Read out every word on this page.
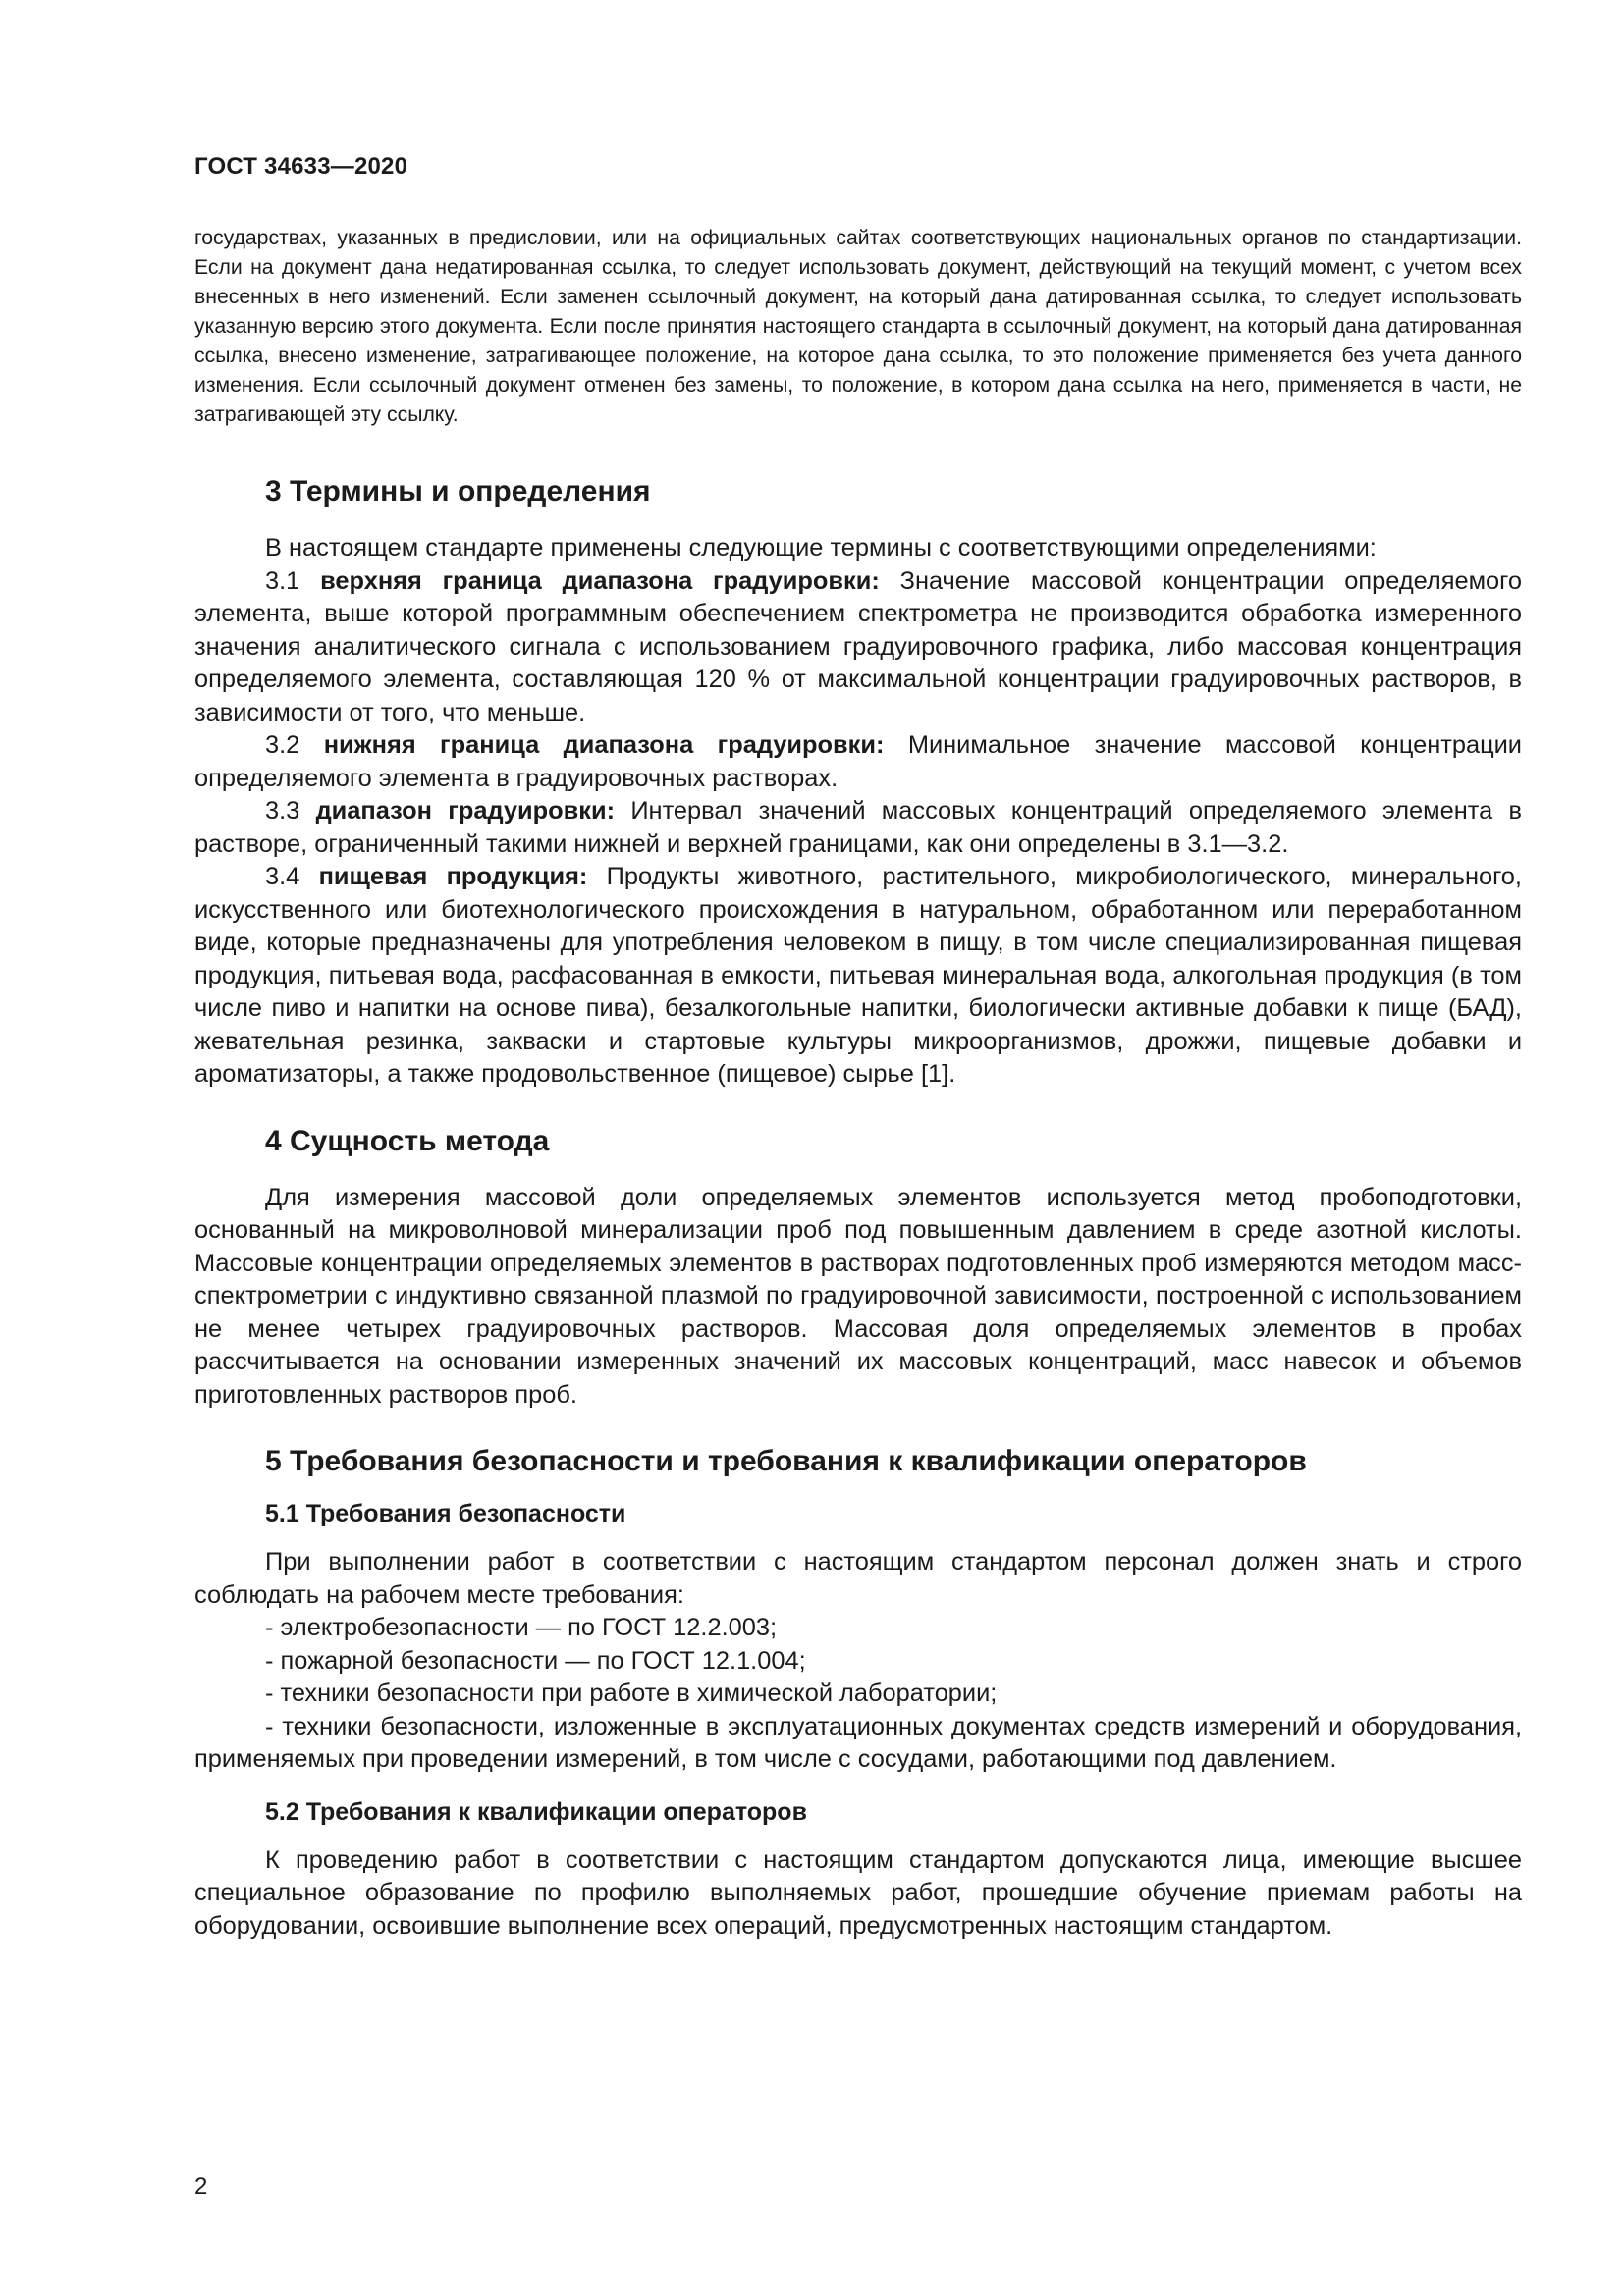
ГОСТ 34633—2020

государствах, указанных в предисловии, или на официальных сайтах соответствующих национальных органов по стандартизации. Если на документ дана недатированная ссылка, то следует использовать документ, действующий на текущий момент, с учетом всех внесенных в него изменений. Если заменен ссылочный документ, на который дана датированная ссылка, то следует использовать указанную версию этого документа. Если после принятия настоящего стандарта в ссылочный документ, на который дана датированная ссылка, внесено изменение, затрагивающее положение, на которое дана ссылка, то это положение применяется без учета данного изменения. Если ссылочный документ отменен без замены, то положение, в котором дана ссылка на него, применяется в части, не затрагивающей эту ссылку.

3 Термины и определения

В настоящем стандарте применены следующие термины с соответствующими определениями:

3.1 верхняя граница диапазона градуировки: Значение массовой концентрации определяемого элемента, выше которой программным обеспечением спектрометра не производится обработка измеренного значения аналитического сигнала с использованием градуировочного графика, либо массовая концентрация определяемого элемента, составляющая 120 % от максимальной концентрации градуировочных растворов, в зависимости от того, что меньше.

3.2 нижняя граница диапазона градуировки: Минимальное значение массовой концентрации определяемого элемента в градуировочных растворах.

3.3 диапазон градуировки: Интервал значений массовых концентраций определяемого элемента в растворе, ограниченный такими нижней и верхней границами, как они определены в 3.1—3.2.

3.4 пищевая продукция: Продукты животного, растительного, микробиологического, минерального, искусственного или биотехнологического происхождения в натуральном, обработанном или переработанном виде, которые предназначены для употребления человеком в пищу, в том числе специализированная пищевая продукция, питьевая вода, расфасованная в емкости, питьевая минеральная вода, алкогольная продукция (в том числе пиво и напитки на основе пива), безалкогольные напитки, биологически активные добавки к пище (БАД), жевательная резинка, закваски и стартовые культуры микроорганизмов, дрожжи, пищевые добавки и ароматизаторы, а также продовольственное (пищевое) сырье [1].

4 Сущность метода

Для измерения массовой доли определяемых элементов используется метод пробоподготовки, основанный на микроволновой минерализации проб под повышенным давлением в среде азотной кислоты. Массовые концентрации определяемых элементов в растворах подготовленных проб измеряются методом масс-спектрометрии с индуктивно связанной плазмой по градуировочной зависимости, построенной с использованием не менее четырех градуировочных растворов. Массовая доля определяемых элементов в пробах рассчитывается на основании измеренных значений их массовых концентраций, масс навесок и объемов приготовленных растворов проб.

5 Требования безопасности и требования к квалификации операторов
5.1 Требования безопасности

При выполнении работ в соответствии с настоящим стандартом персонал должен знать и строго соблюдать на рабочем месте требования:

- электробезопасности — по ГОСТ 12.2.003;

- пожарной безопасности — по ГОСТ 12.1.004;

- техники безопасности при работе в химической лаборатории;

- техники безопасности, изложенные в эксплуатационных документах средств измерений и оборудования, применяемых при проведении измерений, в том числе с сосудами, работающими под давлением.

5.2 Требования к квалификации операторов

К проведению работ в соответствии с настоящим стандартом допускаются лица, имеющие высшее специальное образование по профилю выполняемых работ, прошедшие обучение приемам работы на оборудовании, освоившие выполнение всех операций, предусмотренных настоящим стандартом.

2
